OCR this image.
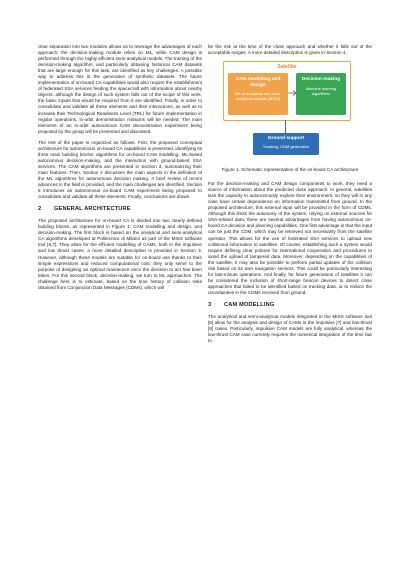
clear separation into two modules allows us to leverage the advantages of each approach: the decision-making module relies on ML, while CAM design is performed through the highly efficient semi-analytical models. The training of the decision-making algorithm, and particularly obtaining historical CAM datasets that are large enough for this task, are identified as key challenges. A possible way to address this is the generation of synthetic datasets. The future implementation of on-board CA capabilities would also require the establishment of federated SSA services feeding the spacecraft with information about nearby objects: although the design of such system falls out of the scope of this work, the basic inputs that would be required from it are identified. Finally, in order to consolidate and validate all these elements and their interactions, as well as to increase their Technological Readiness Level (TRL) for future implementation in regular operations, in-orbit demonstration missions will be needed. The main elements of an in-orbit autonomous CAM demonstration experiment being proposed by the group will be presented and discussed.

The rest of the paper is organized as follows. First, the proposed conceptual architecture for autonomous on-board CA capabilities is presented, identifying its three main building blocks: algorithms for on-board CAM modelling, ML-based autonomous decision-making, and the interaction with ground-based SSA services. The CAM algorithms are presented in Section 3, summarizing their main features. Then, Section 4 discusses the main aspects in the definition of the ML algorithms for autonomous decision making. A brief review of recent advances in the field is provided, and the main challenges are identified. Section 5 introduces an autonomous on-board CAM experiment being proposed to consolidate and validate all these elements. Finally, conclusions are drawn.

2 GENERAL ARCHITECTURE

The proposed architecture for on-board CA is divided into two clearly defined building blocks, as represented in Figure 1: CAM modelling and design, and decision-making. The first block is based on the analytical and semi-analytical CA algorithms developed at Politecnico di Milano as part of the MISS software tool [6,7]. They allow for the efficient modelling of CAMs, both in the impulsive and low thrust cases; a more detailed description is provided in Section 3. However, although these models are suitable for on-board use thanks to their simple expressions and reduced computational cost, they only serve to the purpose of designing an optimal manoeuvre once the decision to act has been taken. For this second block, decision-making, we turn to ML approaches. The challenge here is to estimate, based on the time history of collision risks obtained from Conjunction Data Messages (CDMs), which will

be the risk at the time of the close approach and whether it falls out of the acceptable ranges. A more detailed description is given in Section 4.

Satellite
CAM modelling and design
Set of analytical and semi-analytical models (MISS)
Decision-making
Machine learning algorithms
Ground support
Tracking, CDM generation
Figure 1. Schematic representation of the on-board CA architecture

For the decision-making and CAM design components to work, they need a source of information about the predicted close approach. In general, satellites lack the capacity to autonomously explore their environment, so they will in any case have certain dependence on information transmitted from ground. In the proposed architecture, this external input will be provided in the form of CDMs. Although this limits the autonomy of the system, relying on external sources for SSA-related data, there are several advantages from having autonomous on-board CA decision and planning capabilities. One first advantage is that the input can be just the CDM, which may be retrieved not necessarily from the satellite operator. This allows for the use of federated SSA services to upload new collisional information to satellites. Of course, establishing such a system would require defining clear policies for international cooperation and procedures to avoid the upload of tampered data. Moreover, depending on the capabilities of the satellite, it may also be possible to perform partial updates of the collision risk based on its own navigation sensors. This could be particularly interesting for last-minute operations. And finally, for future generations of satellites it can be considered the inclusion of short-range beacon devices to detect close approaches that failed to be identified based on tracking data, or to reduce the uncertainties in the CDMs received from ground.

3 CAM MODELLING

The analytical and semi-analytical models integrated in the MISS software tool [6] allow for the analysis and design of CAMs in the impulsive [7] and low-thrust [8] cases. Particularly, impulsive CAM models are fully analytical, whereas the low-thrust CAM case currently requires the numerical integration of the time law to
